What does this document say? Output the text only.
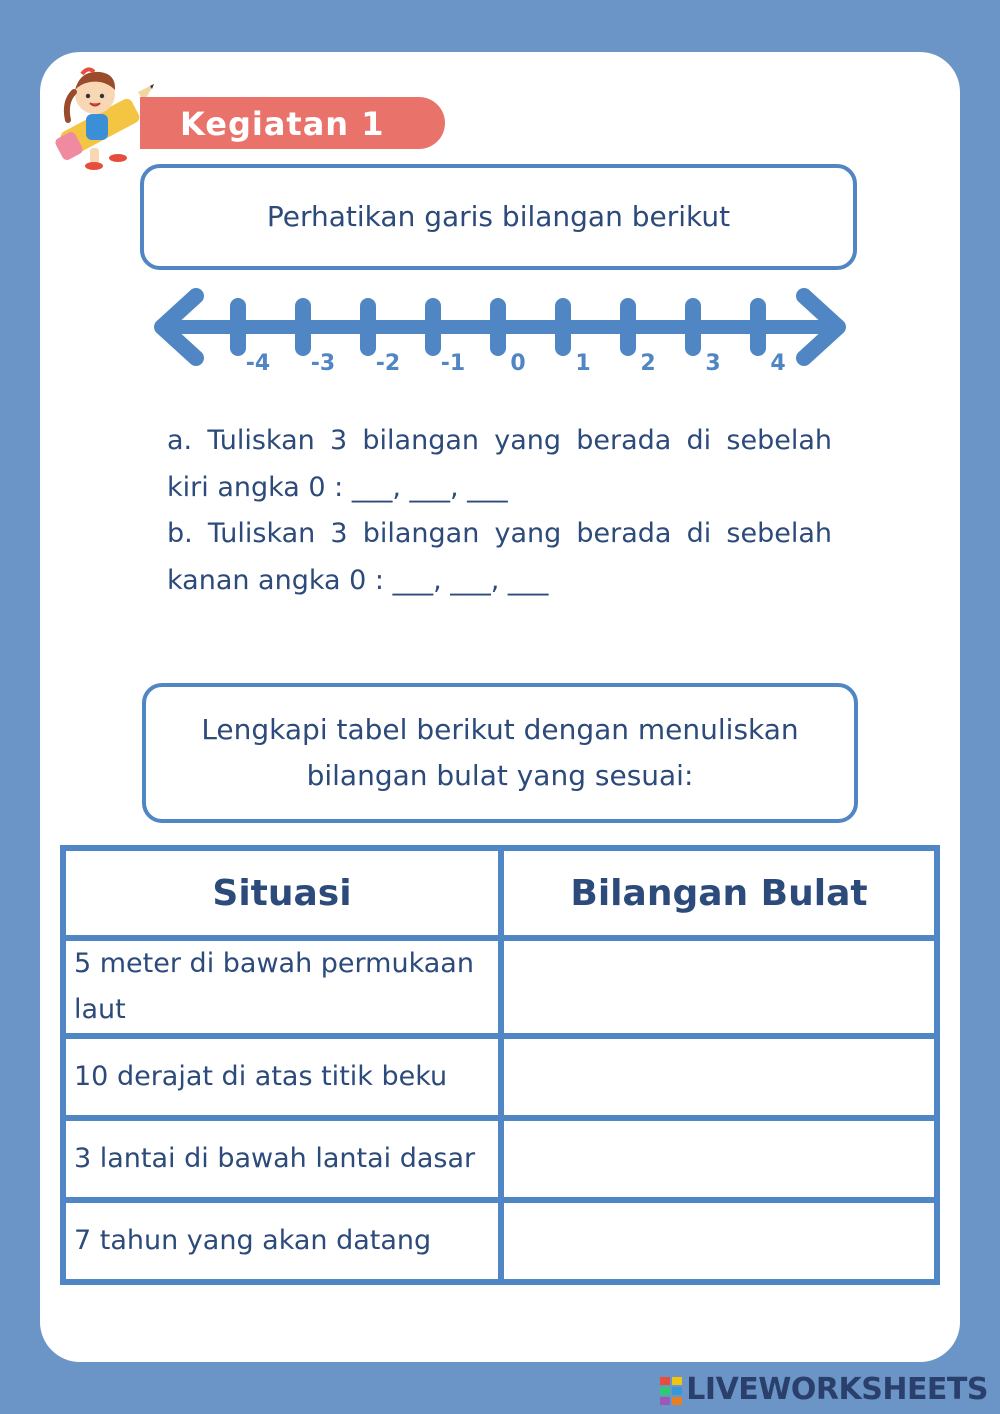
Kegiatan 1
Perhatikan garis bilangan berikut
-4 -3 -2 -1 0 1 2 3 4
a. Tuliskan 3 bilangan yang berada di sebelah
kiri angka 0 : ___, ___, ___
b. Tuliskan 3 bilangan yang berada di sebelah
kanan angka 0 : ___, ___, ___
Lengkapi tabel berikut dengan menuliskan
bilangan bulat yang sesuai:
Situasi	Bilangan Bulat
5 meter di bawah permukaan laut	
10 derajat di atas titik beku	
3 lantai di bawah lantai dasar	
7 tahun yang akan datang	
LIVEWORKSHEETS
